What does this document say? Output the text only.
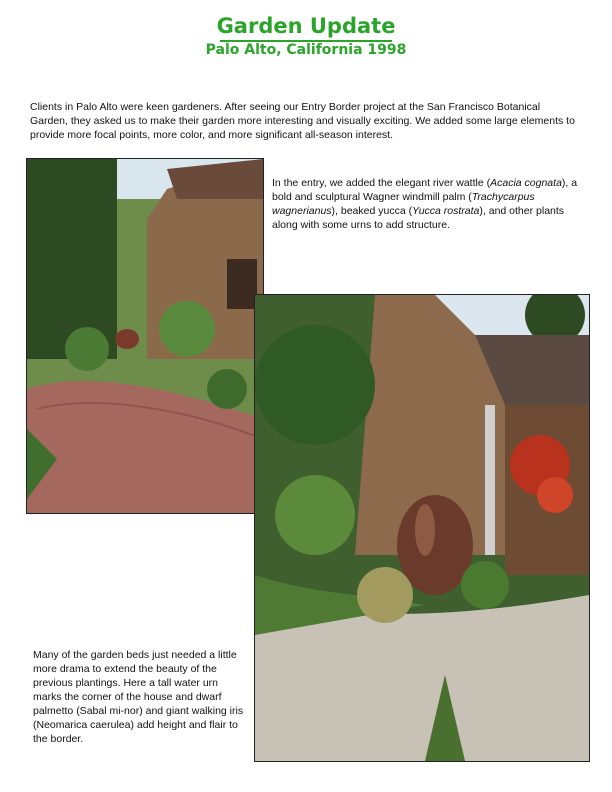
Garden Update
Palo Alto, California 1998
Clients in Palo Alto were keen gardeners. After seeing our Entry Border project at the San Francisco Botanical Garden, they asked us to make their garden more interesting and visually exciting. We added some large elements to provide more focal points, more color, and more significant all-season interest.
In the entry, we added the elegant river wattle (Acacia cognata), a bold and sculptural Wagner windmill palm (Trachycarpus wagnerianus), beaked yucca (Yucca rostrata), and other plants along with some urns to add structure.
Many of the garden beds just needed a little more drama to extend the beauty of the previous plantings. Here a tall water urn marks the corner of the house and dwarf palmetto (Sabal mi-nor) and giant walking iris (Neomarica caerulea) add height and flair to the border.
